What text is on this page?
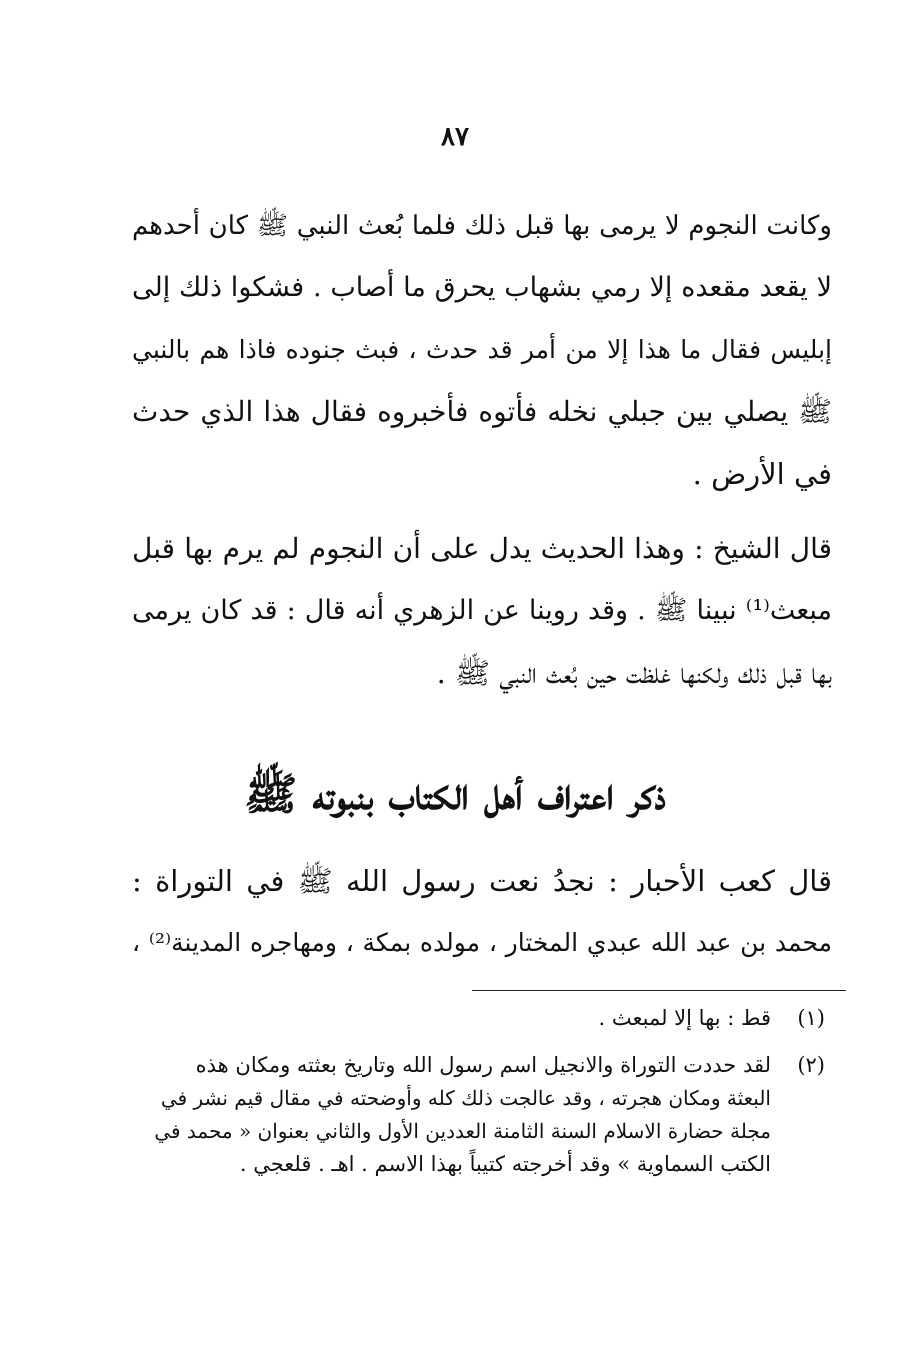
٨٧
وكانت النجوم لا يرمى بها قبل ذلك فلما بُعث النبي ﷺ كان أحدهم
لا يقعد مقعده إلا رمي بشهاب يحرق ما أصاب . فشكوا ذلك إلى
إبليس فقال ما هذا إلا من أمر قد حدث ، فبث جنوده فاذا هم بالنبي
ﷺ يصلي بين جبلي نخله فأتوه فأخبروه فقال هذا الذي حدث
في الأرض .
قال الشيخ : وهذا الحديث يدل على أن النجوم لم يرم بها قبل
مبعث⁽¹⁾ نبينا ﷺ . وقد روينا عن الزهري أنه قال : قد كان يرمى
بها قبل ذلك ولكنها غلظت حين بُعث النبي ﷺ .
ذكر اعتراف أهل الكتاب بنبوته ﷺ
قال كعب الأحبار : نجدُ نعت رسول الله ﷺ في التوراة :
محمد بن عبد الله عبدي المختار ، مولده بمكة ، ومهاجره المدينة⁽²⁾ ،
(١)قط : بها إلا لمبعث .
(٢)لقد حددت التوراة والانجيل اسم رسول الله وتاريخ بعثته ومكان هذه
البعثة ومكان هجرته ، وقد عالجت ذلك كله وأوضحته في مقال قيم نشر في
مجلة حضارة الاسلام السنة الثامنة العددين الأول والثاني بعنوان « محمد في
الكتب السماوية » وقد أخرجته كتيباً بهذا الاسم . اهـ . قلعجي .
